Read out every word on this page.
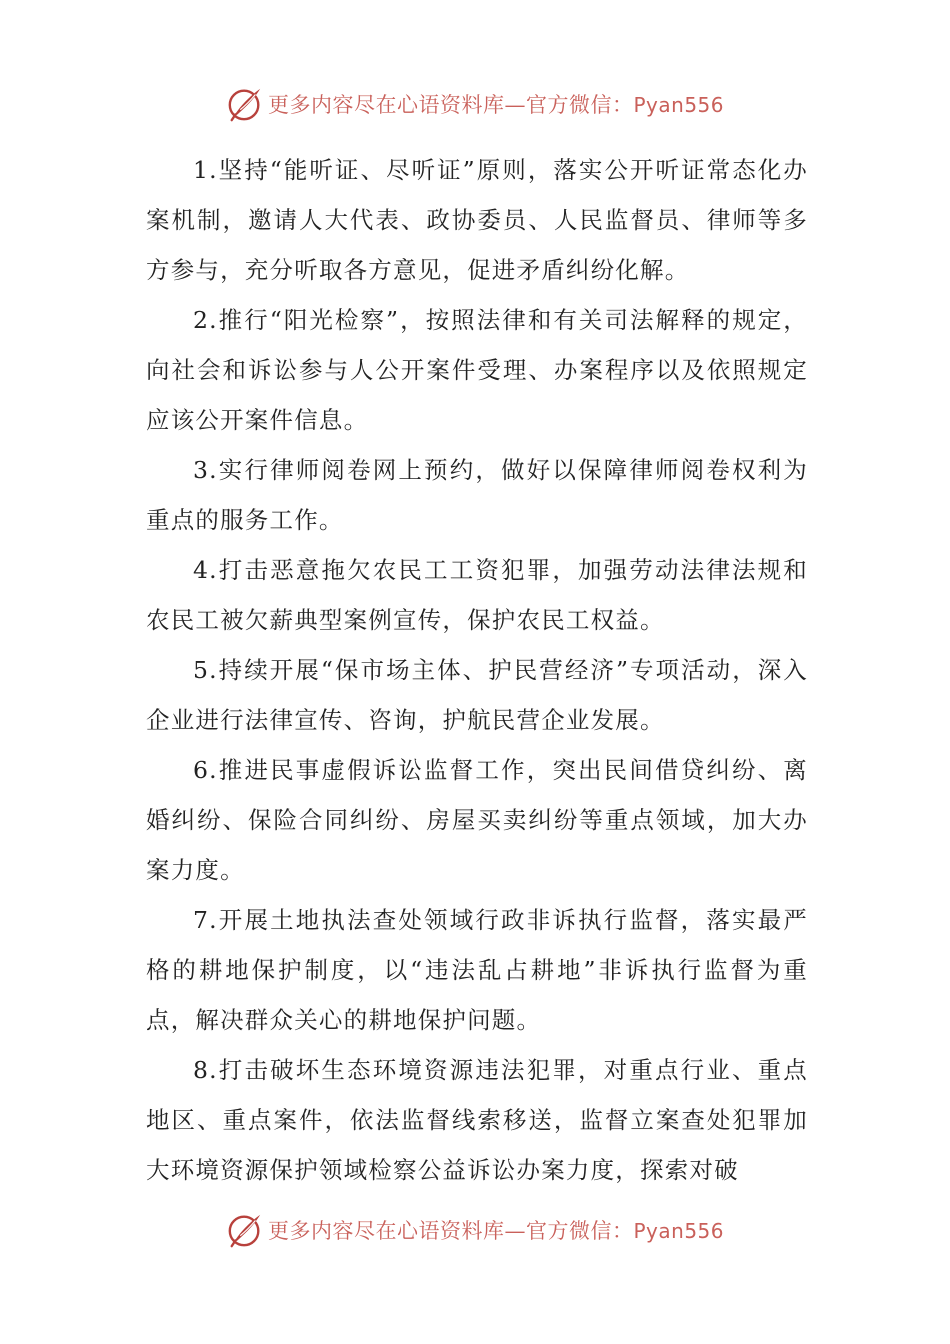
更多内容尽在心语资料库—官方微信：Pyan556

1.坚持“能听证、尽听证”原则，落实公开听证常态化办案机制，邀请人大代表、政协委员、人民监督员、律师等多方参与，充分听取各方意见，促进矛盾纠纷化解。

2.推行“阳光检察”，按照法律和有关司法解释的规定，向社会和诉讼参与人公开案件受理、办案程序以及依照规定应该公开案件信息。

3.实行律师阅卷网上预约，做好以保障律师阅卷权利为重点的服务工作。

4.打击恶意拖欠农民工工资犯罪，加强劳动法律法规和农民工被欠薪典型案例宣传，保护农民工权益。

5.持续开展“保市场主体、护民营经济”专项活动，深入企业进行法律宣传、咨询，护航民营企业发展。

6.推进民事虚假诉讼监督工作，突出民间借贷纠纷、离婚纠纷、保险合同纠纷、房屋买卖纠纷等重点领域，加大办案力度。

7.开展土地执法查处领域行政非诉执行监督，落实最严格的耕地保护制度，以“违法乱占耕地”非诉执行监督为重点，解决群众关心的耕地保护问题。

8.打击破坏生态环境资源违法犯罪，对重点行业、重点地区、重点案件，依法监督线索移送，监督立案查处犯罪加大环境资源保护领域检察公益诉讼办案力度，探索对破

更多内容尽在心语资料库—官方微信：Pyan556
